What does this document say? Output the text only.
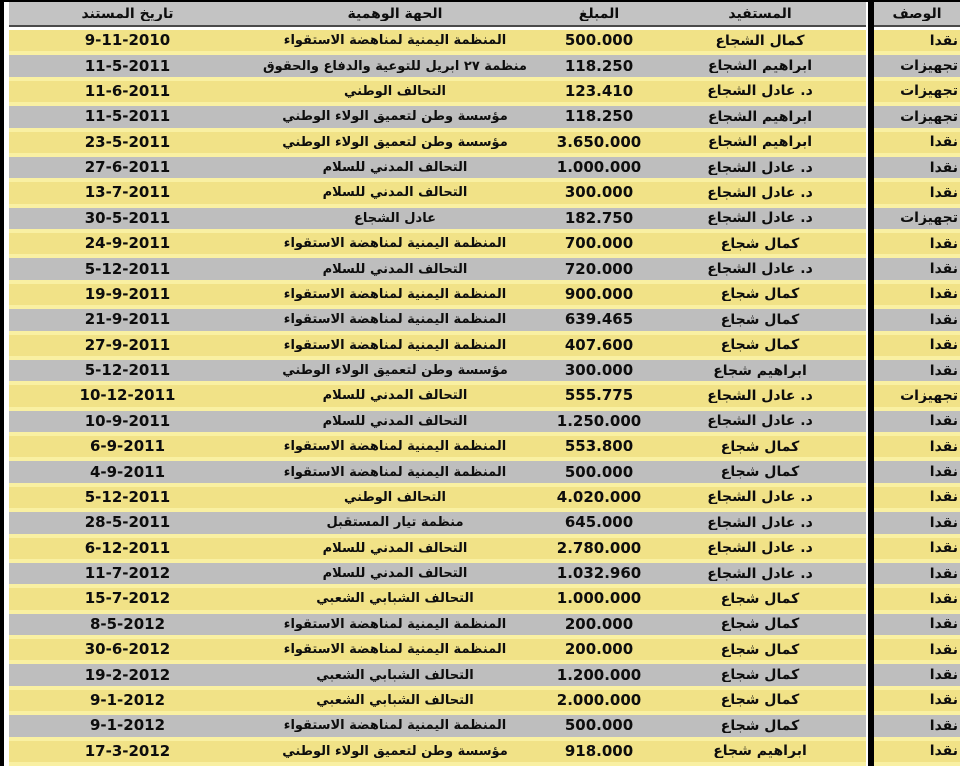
الوصف
المستفيد
المبلغ
الحهة الوهمية
تاريخ المستند
نقداً
كمال الشجاع
500.000
المنظمة اليمنية لمناهضة الاستقواء
9-11-2010
تجهيزات
ابراهيم الشجاع
118.250
منظمة ٢٧ ابريل للتوعية والدفاع والحقوق
11-5-2011
تجهيزات
د. عادل الشجاع
123.410
التحالف الوطني
11-6-2011
تجهيزات
ابراهيم الشجاع
118.250
مؤسسة وطن لتعميق الولاء الوطني
11-5-2011
نقداً
ابراهيم الشجاع
3.650.000
مؤسسة وطن لتعميق الولاء الوطني
23-5-2011
نقداً
د. عادل الشجاع
1.000.000
التحالف المدني للسلام
27-6-2011
نقداً
د. عادل الشجاع
300.000
التحالف المدني للسلام
13-7-2011
تجهيزات
د. عادل الشجاع
182.750
عادل الشجاع
30-5-2011
نقداً
كمال شجاع
700.000
المنظمة اليمنية لمناهضة الاستقواء
24-9-2011
نقداً
د. عادل الشجاع
720.000
التحالف المدني للسلام
5-12-2011
نقداً
كمال شجاع
900.000
المنظمة اليمنية لمناهضة الاستقواء
19-9-2011
نقداً
كمال شجاع
639.465
المنظمة اليمنية لمناهضة الاستقواء
21-9-2011
نقداً
كمال شجاع
407.600
المنظمة اليمنية لمناهضة الاستقواء
27-9-2011
نقداً
ابراهيم شجاع
300.000
مؤسسة وطن لتعميق الولاء الوطني
5-12-2011
تجهيزات
د. عادل الشجاع
555.775
التحالف المدني للسلام
10-12-2011
نقداً
د. عادل الشجاع
1.250.000
التحالف المدني للسلام
10-9-2011
نقداً
كمال شجاع
553.800
المنظمة اليمنية لمناهضة الاستقواء
6-9-2011
نقداً
كمال شجاع
500.000
المنظمة اليمنية لمناهضة الاستقواء
4-9-2011
نقداً
د. عادل الشجاع
4.020.000
التحالف الوطني
5-12-2011
نقداً
د. عادل الشجاع
645.000
منظمة تيار المستقبل
28-5-2011
نقداً
د. عادل الشجاع
2.780.000
التحالف المدني للسلام
6-12-2011
نقداً
د. عادل الشجاع
1.032.960
التحالف المدني للسلام
11-7-2012
نقداً
كمال شجاع
1.000.000
التحالف الشبابي الشعبي
15-7-2012
نقداً
كمال شجاع
200.000
المنظمة اليمنية لمناهضة الاستقواء
8-5-2012
نقداً
كمال شجاع
200.000
المنظمة اليمنية لمناهضة الاستقواء
30-6-2012
نقداً
كمال شجاع
1.200.000
التحالف الشبابي الشعبي
19-2-2012
نقداً
كمال شجاع
2.000.000
التحالف الشبابي الشعبي
9-1-2012
نقداً
كمال شجاع
500.000
المنظمة اليمنية لمناهضة الاستقواء
9-1-2012
نقداً
ابراهيم شجاع
918.000
مؤسسة وطن لتعميق الولاء الوطني
17-3-2012
